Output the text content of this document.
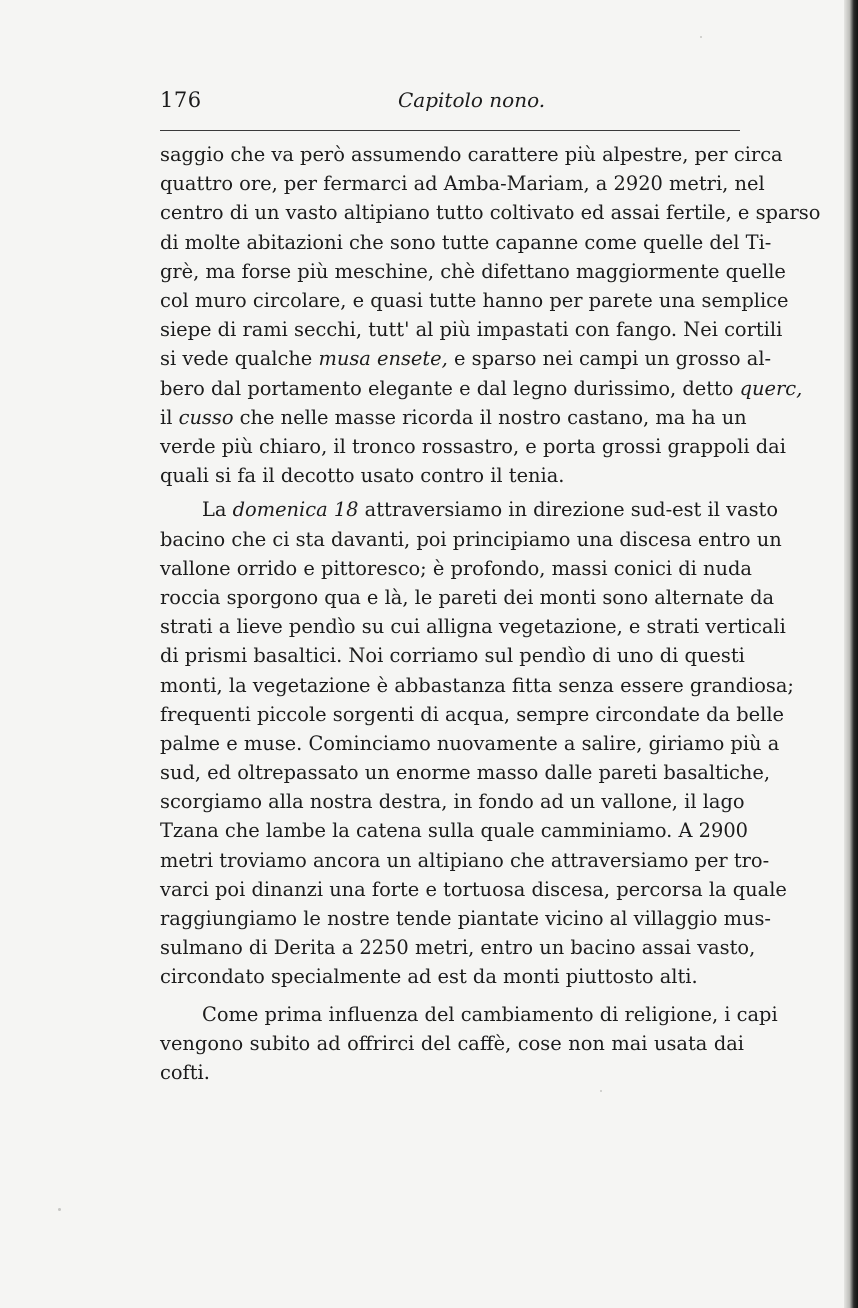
176	Capitolo nono.
saggio che va però assumendo carattere più alpestre, per circa
quattro ore, per fermarci ad Amba-Mariam, a 2920 metri, nel
centro di un vasto altipiano tutto coltivato ed assai fertile, e sparso
di molte abitazioni che sono tutte capanne come quelle del Ti-
grè, ma forse più meschine, chè difettano maggiormente quelle
col muro circolare, e quasi tutte hanno per parete una semplice
siepe di rami secchi, tutt' al più impastati con fango. Nei cortili
si vede qualche musa ensete, e sparso nei campi un grosso al-
bero dal portamento elegante e dal legno durissimo, detto querc,
il cusso che nelle masse ricorda il nostro castano, ma ha un
verde più chiaro, il tronco rossastro, e porta grossi grappoli dai
quali si fa il decotto usato contro il tenia.
La domenica 18 attraversiamo in direzione sud-est il vasto
bacino che ci sta davanti, poi principiamo una discesa entro un
vallone orrido e pittoresco; è profondo, massi conici di nuda
roccia sporgono qua e là, le pareti dei monti sono alternate da
strati a lieve pendìo su cui alligna vegetazione, e strati verticali
di prismi basaltici. Noi corriamo sul pendìo di uno di questi
monti, la vegetazione è abbastanza fitta senza essere grandiosa;
frequenti piccole sorgenti di acqua, sempre circondate da belle
palme e muse. Cominciamo nuovamente a salire, giriamo più a
sud, ed oltrepassato un enorme masso dalle pareti basaltiche,
scorgiamo alla nostra destra, in fondo ad un vallone, il lago
Tzana che lambe la catena sulla quale camminiamo. A 2900
metri troviamo ancora un altipiano che attraversiamo per tro-
varci poi dinanzi una forte e tortuosa discesa, percorsa la quale
raggiungiamo le nostre tende piantate vicino al villaggio mus-
sulmano di Derita a 2250 metri, entro un bacino assai vasto,
circondato specialmente ad est da monti piuttosto alti.
Come prima influenza del cambiamento di religione, i capi
vengono subito ad offrirci del caffè, cose non mai usata dai
cofti.
